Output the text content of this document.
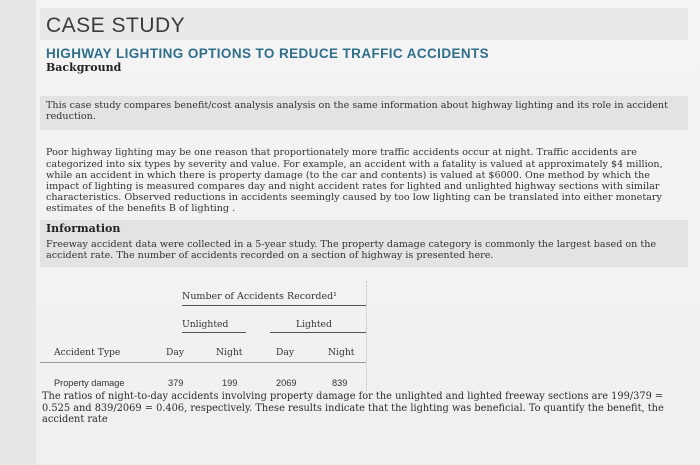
CASE STUDY
HIGHWAY LIGHTING OPTIONS TO REDUCE TRAFFIC ACCIDENTS
Background
This case study compares benefit/cost analysis analysis on the same information about highway lighting and its role in accident reduction.
Poor highway lighting may be one reason that proportionately more traffic accidents occur at night. Traffic accidents are categorized into six types by severity and value. For example, an accident with a fatality is valued at approximately $4 million, while an accident in which there is property damage (to the car and contents) is valued at $6000. One method by which the impact of lighting is measured compares day and night accident rates for lighted and unlighted highway sections with similar characteristics. Observed reductions in accidents seemingly caused by too low lighting can be translated into either monetary estimates of the benefits B of lighting .
Information
Freeway accident data were collected in a 5-year study. The property damage category is commonly the largest based on the accident rate. The number of accidents recorded on a section of highway is presented here.
Number of Accidents Recorded¹
Unlighted	Lighted
Accident Type	Day	Night	Day	Night
Property damage	379	199	2069	839
The ratios of night-to-day accidents involving property damage for the unlighted and lighted freeway sections are 199/379 = 0.525 and 839/2069 = 0.406, respectively. These results indicate that the lighting was beneficial. To quantify the benefit, the accident rate
